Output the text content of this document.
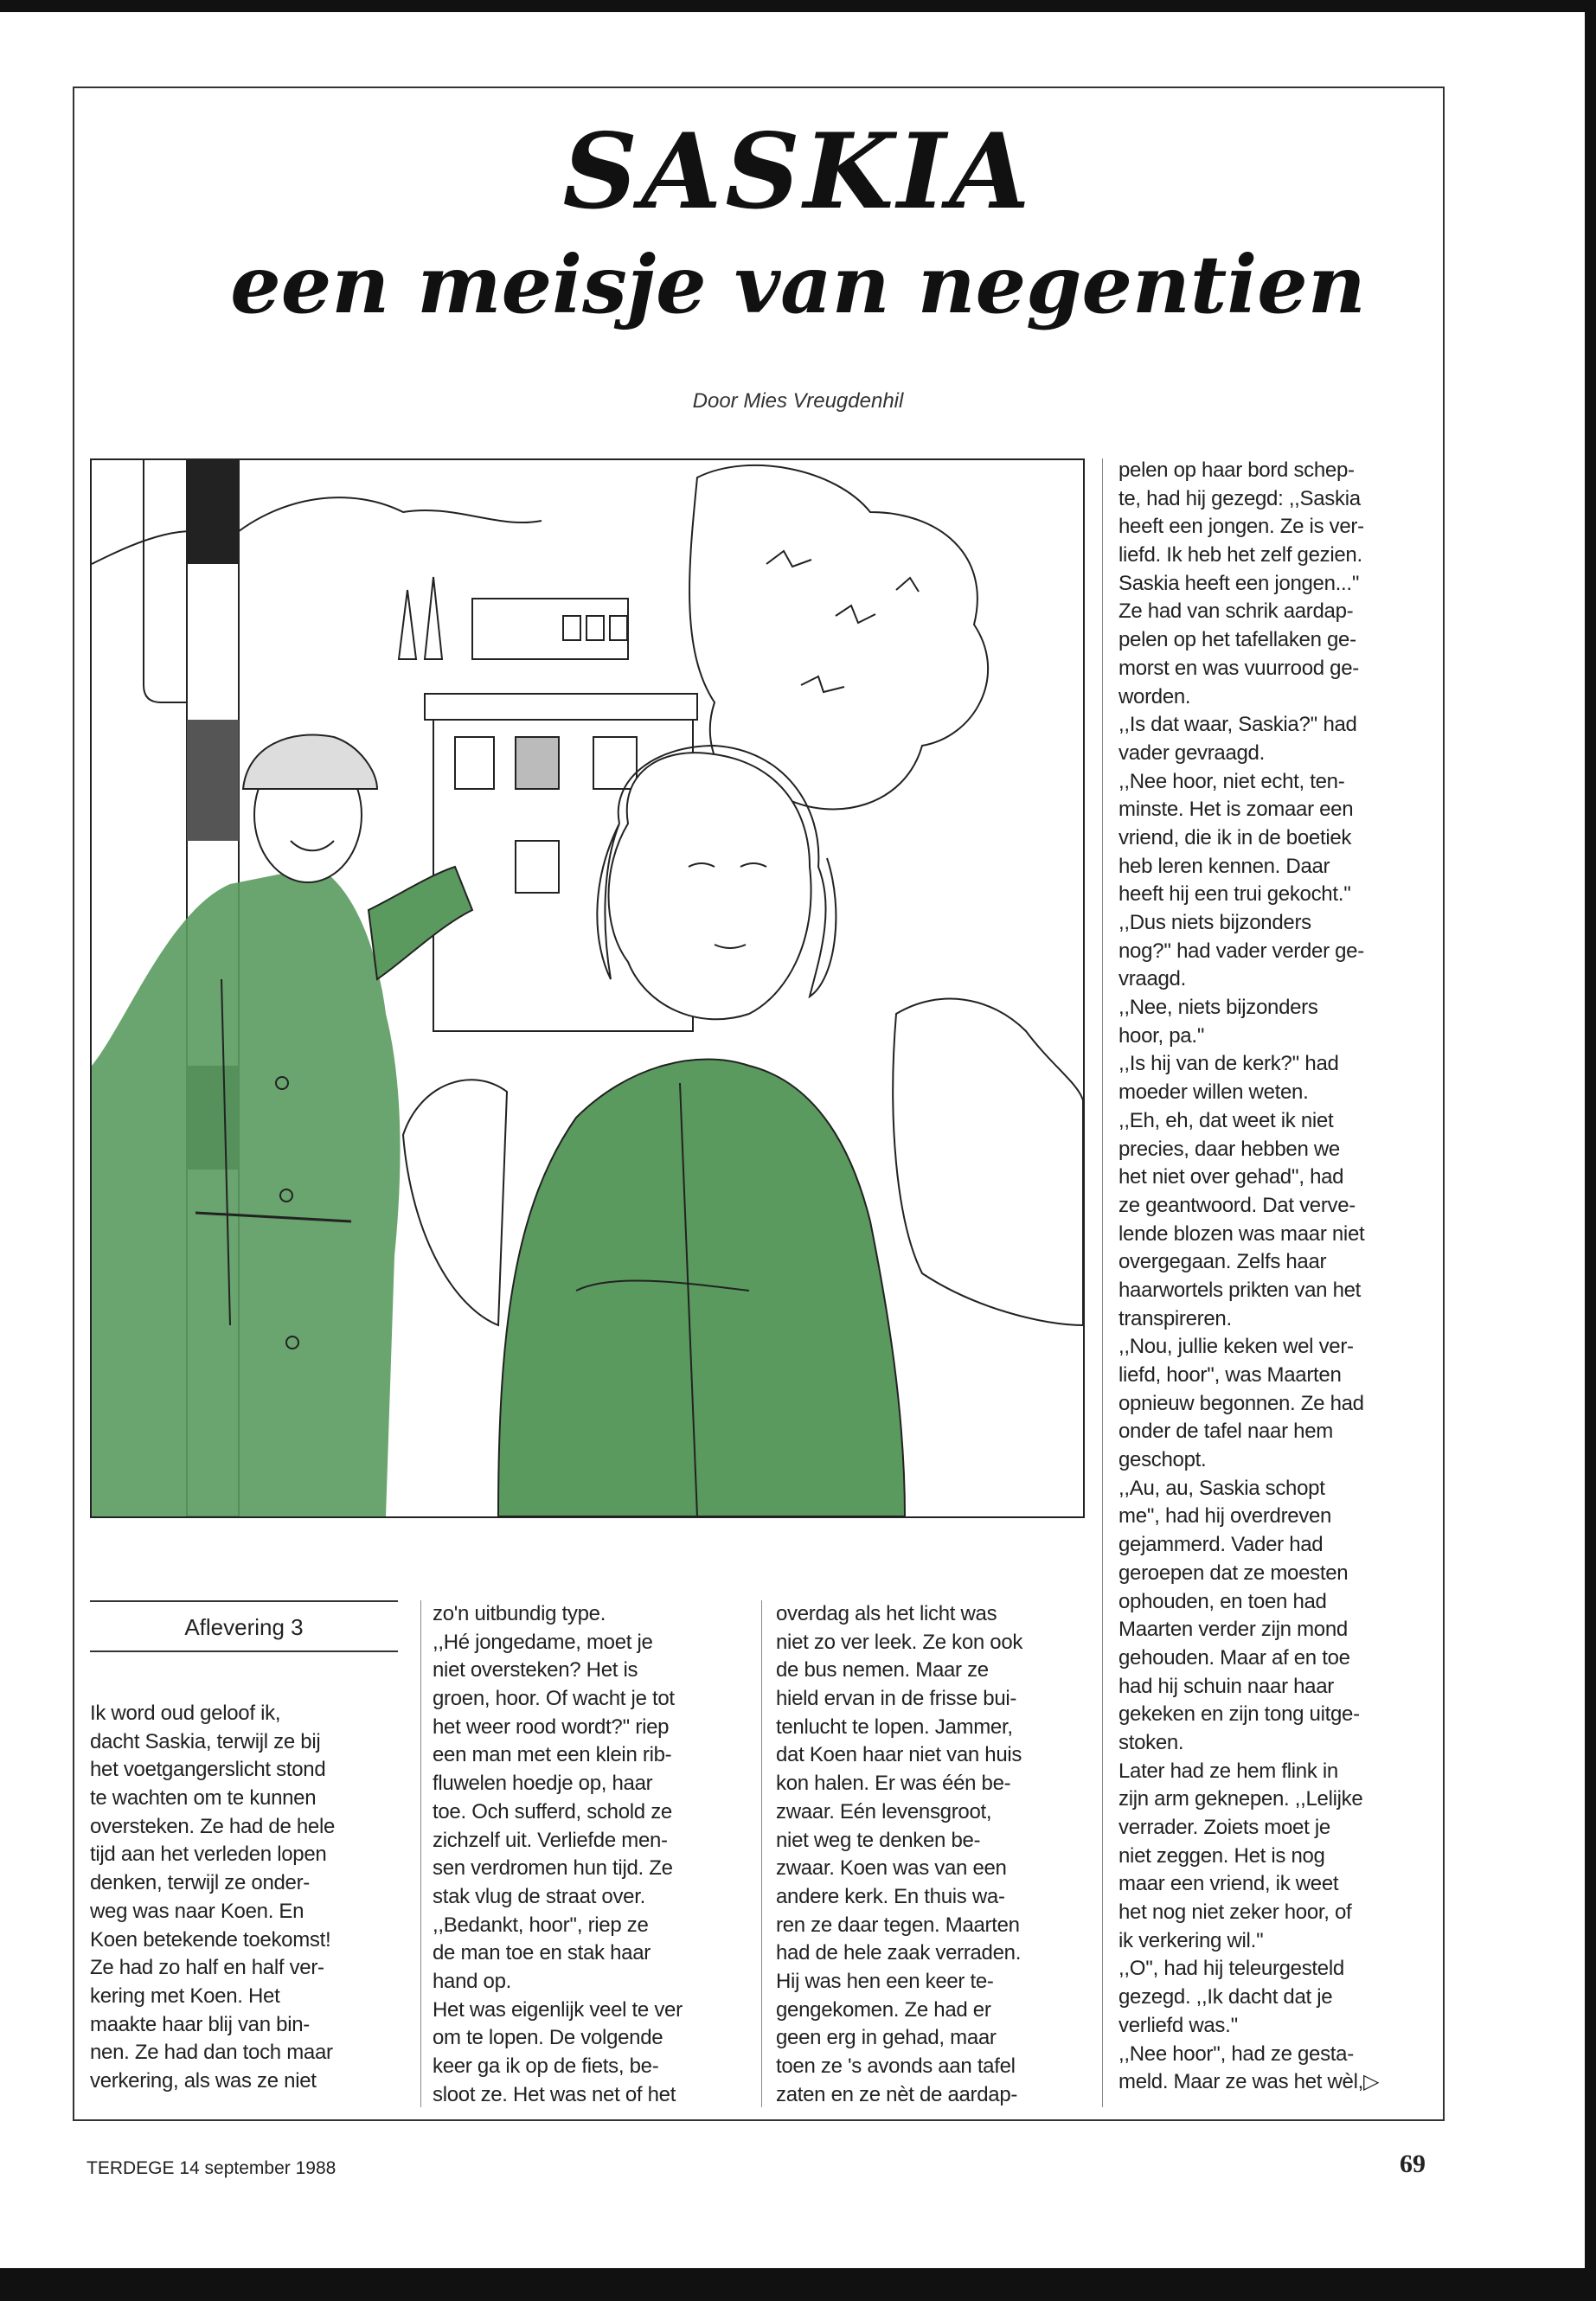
SASKIA
een meisje van negentien
Door Mies Vreugdenhil
Aflevering 3
Ik word oud geloof ik,
dacht Saskia, terwijl ze bij
het voetgangerslicht stond
te wachten om te kunnen
oversteken. Ze had de hele
tijd aan het verleden lopen
denken, terwijl ze onder-
weg was naar Koen. En
Koen betekende toekomst!
Ze had zo half en half ver-
kering met Koen. Het
maakte haar blij van bin-
nen. Ze had dan toch maar
verkering, als was ze niet
zo'n uitbundig type.
,,Hé jongedame, moet je
niet oversteken? Het is
groen, hoor. Of wacht je tot
het weer rood wordt?'' riep
een man met een klein rib-
fluwelen hoedje op, haar
toe. Och sufferd, schold ze
zichzelf uit. Verliefde men-
sen verdromen hun tijd. Ze
stak vlug de straat over.
,,Bedankt, hoor'', riep ze
de man toe en stak haar
hand op.
Het was eigenlijk veel te ver
om te lopen. De volgende
keer ga ik op de fiets, be-
sloot ze. Het was net of het
overdag als het licht was
niet zo ver leek. Ze kon ook
de bus nemen. Maar ze
hield ervan in de frisse bui-
tenlucht te lopen. Jammer,
dat Koen haar niet van huis
kon halen. Er was één be-
zwaar. Eén levensgroot,
niet weg te denken be-
zwaar. Koen was van een
andere kerk. En thuis wa-
ren ze daar tegen. Maarten
had de hele zaak verraden.
Hij was hen een keer te-
gengekomen. Ze had er
geen erg in gehad, maar
toen ze 's avonds aan tafel
zaten en ze nèt de aardap-
pelen op haar bord schep-
te, had hij gezegd: ,,Saskia
heeft een jongen. Ze is ver-
liefd. Ik heb het zelf gezien.
Saskia heeft een jongen...''
Ze had van schrik aardap-
pelen op het tafellaken ge-
morst en was vuurrood ge-
worden.
,,Is dat waar, Saskia?'' had
vader gevraagd.
,,Nee hoor, niet echt, ten-
minste. Het is zomaar een
vriend, die ik in de boetiek
heb leren kennen. Daar
heeft hij een trui gekocht.''
,,Dus niets bijzonders
nog?'' had vader verder ge-
vraagd.
,,Nee, niets bijzonders
hoor, pa.''
,,Is hij van de kerk?'' had
moeder willen weten.
,,Eh, eh, dat weet ik niet
precies, daar hebben we
het niet over gehad'', had
ze geantwoord. Dat verve-
lende blozen was maar niet
overgegaan. Zelfs haar
haarwortels prikten van het
transpireren.
,,Nou, jullie keken wel ver-
liefd, hoor'', was Maarten
opnieuw begonnen. Ze had
onder de tafel naar hem
geschopt.
,,Au, au, Saskia schopt
me'', had hij overdreven
gejammerd. Vader had
geroepen dat ze moesten
ophouden, en toen had
Maarten verder zijn mond
gehouden. Maar af en toe
had hij schuin naar haar
gekeken en zijn tong uitge-
stoken.
Later had ze hem flink in
zijn arm geknepen. ,,Lelijke
verrader. Zoiets moet je
niet zeggen. Het is nog
maar een vriend, ik weet
het nog niet zeker hoor, of
ik verkering wil.''
,,O'', had hij teleurgesteld
gezegd. ,,Ik dacht dat je
verliefd was.''
,,Nee hoor'', had ze gesta-
meld. Maar ze was het wèl,▷
TERDEGE 14 september 1988	69
